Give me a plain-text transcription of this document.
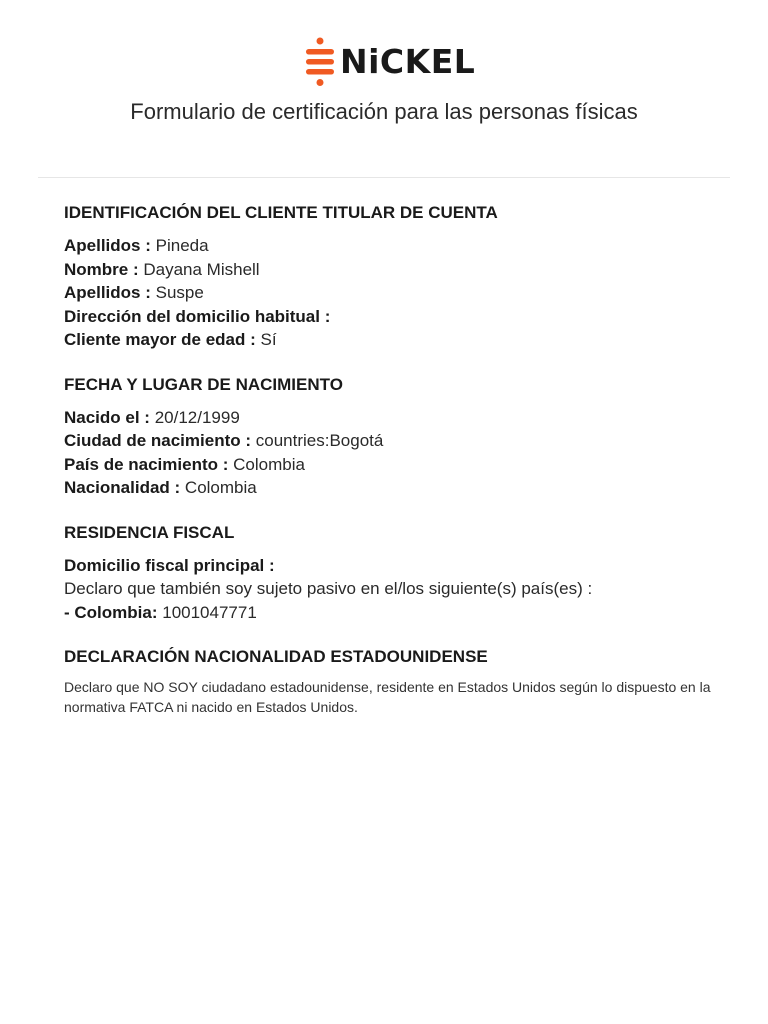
NiCKEL
Formulario de certificación para las personas físicas
IDENTIFICACIÓN DEL CLIENTE TITULAR DE CUENTA
Apellidos : Pineda
Nombre : Dayana Mishell
Apellidos : Suspe
Dirección del domicilio habitual :
Cliente mayor de edad : Sí
FECHA Y LUGAR DE NACIMIENTO
Nacido el : 20/12/1999
Ciudad de nacimiento : countries:Bogotá
País de nacimiento : Colombia
Nacionalidad : Colombia
RESIDENCIA FISCAL
Domicilio fiscal principal :
Declaro que también soy sujeto pasivo en el/los siguiente(s) país(es) :
- Colombia: 1001047771
DECLARACIÓN NACIONALIDAD ESTADOUNIDENSE
Declaro que NO SOY ciudadano estadounidense, residente en Estados Unidos según lo dispuesto en la normativa FATCA ni nacido en Estados Unidos.
